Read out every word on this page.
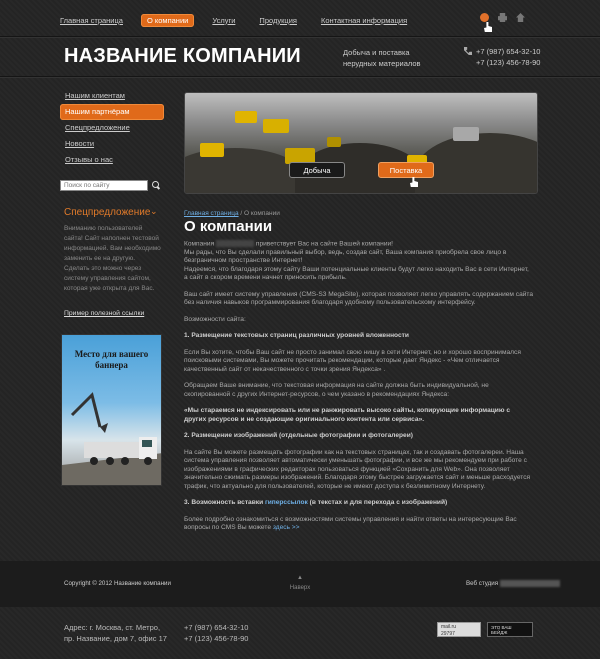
Главная страница	О компании	Услуги	Продукция	Контактная информация
НАЗВАНИЕ КОМПАНИИ	Добыча и поставка нерудных материалов
+7 (987) 654-32-10
+7 (123) 456-78-90
Нашим клиентам
Нашим партнёрам
Спецпредложение
Новости
Отзывы о нас
Поиск по сайту
Спецпредложение ⌄
Вниманию пользователей сайта! Сайт наполнен тестовой информацией. Вам необходимо заменить ее на другую. Сделать это можно через систему управления сайтом, которая уже открыта для Вас.
Пример полезной ссылки
Место для вашего баннера
Добыча	Поставка
Главная страница / О компании
О компании

Компания	приветствует Вас на сайте Вашей компании!
Мы рады, что Вы сделали правильный выбор, ведь, создав сайт, Ваша компания приобрела свое лицо в безграничном пространстве Интернет!
Надеемся, что благодаря этому сайту Ваши потенциальные клиенты будут легко находить Вас в сети Интернет, а сайт в скором времени начнет приносить прибыль.

Ваш сайт имеет систему управления (CMS-S3 MegaSite), которая позволяет легко управлять содержанием сайта без наличия навыков программирования благодаря удобному пользовательскому интерфейсу.

Возможности сайта:

1. Размещение текстовых страниц различных уровней вложенности

Если Вы хотите, чтобы Ваш сайт не просто занимал свою нишу в сети Интернет, но и хорошо воспринимался поисковыми системами, Вы можете прочитать рекомендации, которые дает Яндекс - «Чем отличается качественный сайт от некачественного с точки зрения Яндекса» .

Обращаем Ваше внимание, что текстовая информация на сайте должна быть индивидуальной, не скопированной с других Интернет-ресурсов, о чем указано в рекомендациях Яндекса:

«Мы стараемся не индексировать или не ранжировать высоко сайты, копирующие информацию с других ресурсов и не создающие оригинального контента или сервиса».

2. Размещение изображений (отдельные фотографии и фотогалереи)

На сайте Вы можете размещать фотографии как на текстовых страницах, так и создавать фотогалереи. Наша система управления позволяет автоматически уменьшать фотографии, и все же мы рекомендуем при работе с изображениями в графических редакторах пользоваться функцией «Сохранить для Web». Она позволяет значительно сжимать размеры изображений. Благодаря этому быстрее загружается сайт и меньше расходуется трафик, что актуально для пользователей, которые не имеют доступа к безлимитному Интернету.

3. Возможность вставки гиперссылок (в текстах и для перехода с изображений)

Более подробно ознакомиться с возможностями системы управления и найти ответы на интересующие Вас вопросы по CMS Вы можете здесь >>

Copyright © 2012 Название компании
▲
Наверх
Веб студия
Адрес: г. Москва, ст. Метро,
пр. Название, дом 7, офис 17
+7 (987) 654-32-10
+7 (123) 456-78-90
mail.ru
29797
ЭТО ВАШ БЕЙДЖ
